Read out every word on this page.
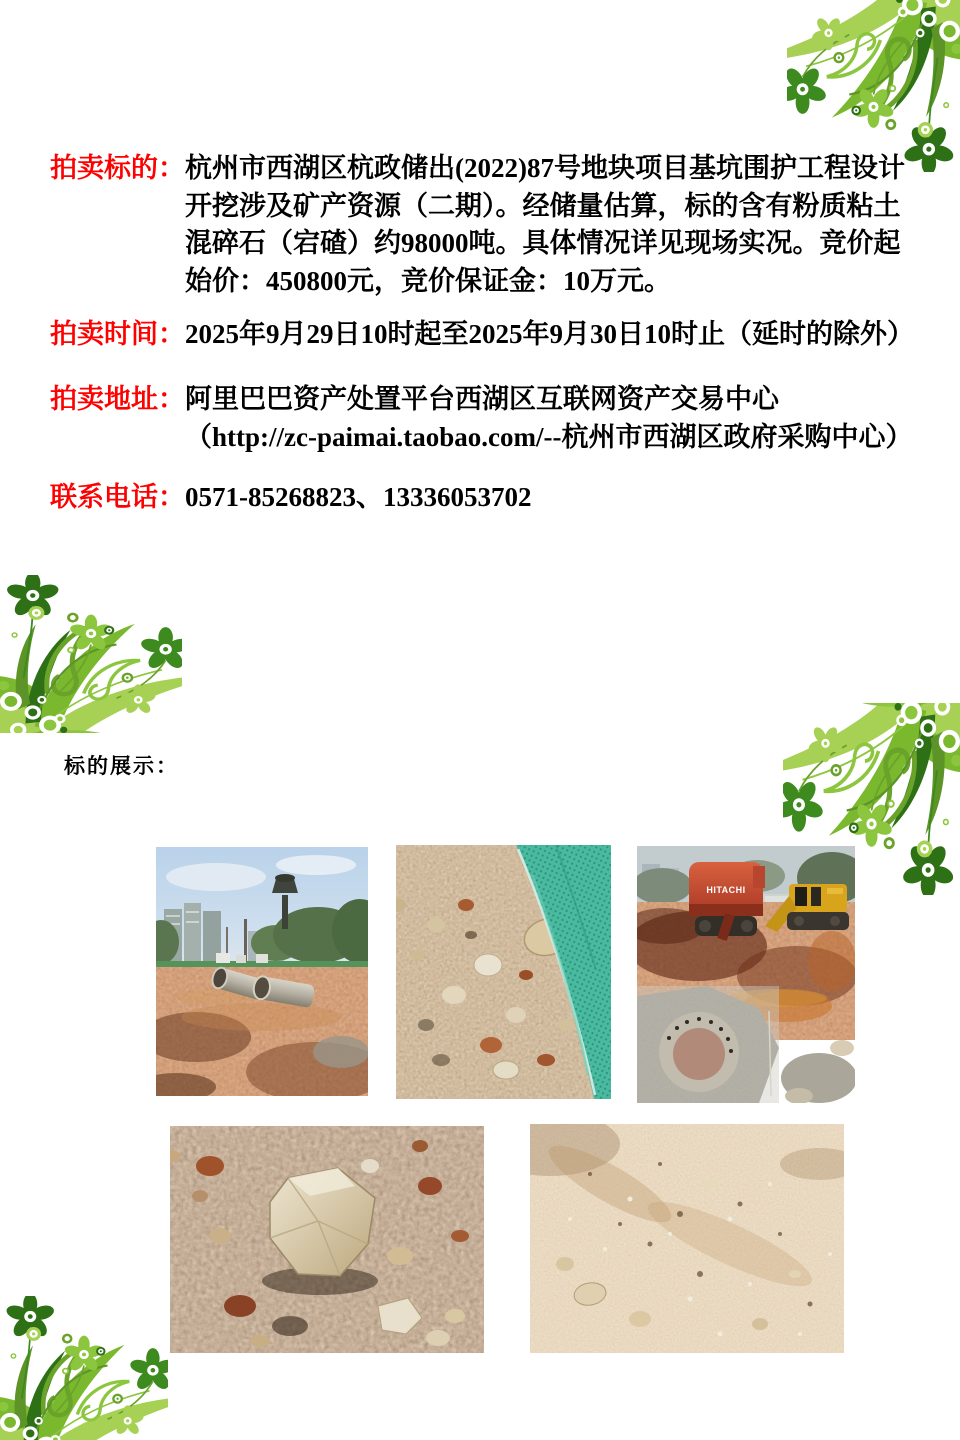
拍卖标的： 杭州市西湖区杭政储出(2022)87号地块项目基坑围护工程设计
开挖涉及矿产资源（二期）。经储量估算，标的含有粉质粘土
混碎石（宕碴）约98000吨。具体情况详见现场实况。竞价起
始价：450800元，竞价保证金：10万元。
拍卖时间： 2025年9月29日10时起至2025年9月30日10时止（延时的除外）
拍卖地址： 阿里巴巴资产处置平台西湖区互联网资产交易中心
（http://zc-paimai.taobao.com/--杭州市西湖区政府采购中心）
联系电话： 0571-85268823、13336053702
标的展示：
HITACHI
